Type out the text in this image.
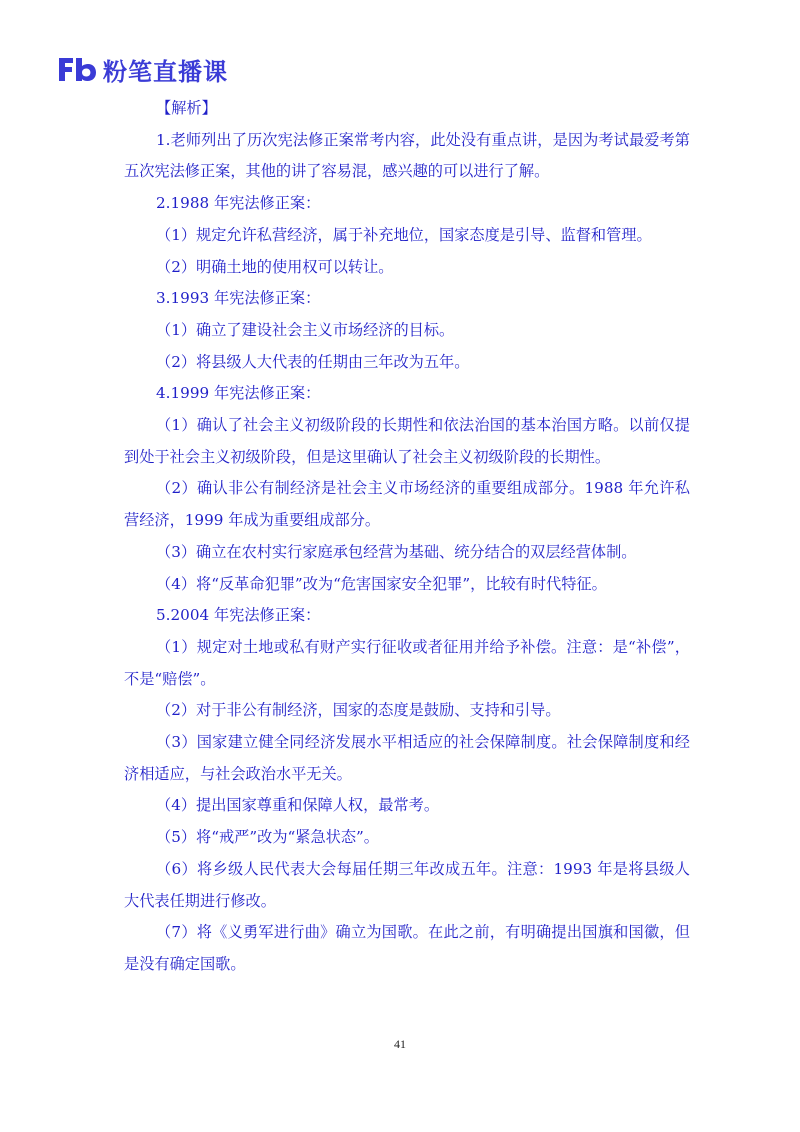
粉笔直播课

【解析】

1.老师列出了历次宪法修正案常考内容，此处没有重点讲，是因为考试最爱考第五次宪法修正案，其他的讲了容易混，感兴趣的可以进行了解。

2.1988 年宪法修正案：

（1）规定允许私营经济，属于补充地位，国家态度是引导、监督和管理。

（2）明确土地的使用权可以转让。

3.1993 年宪法修正案：

（1）确立了建设社会主义市场经济的目标。

（2）将县级人大代表的任期由三年改为五年。

4.1999 年宪法修正案：

（1）确认了社会主义初级阶段的长期性和依法治国的基本治国方略。以前仅提到处于社会主义初级阶段，但是这里确认了社会主义初级阶段的长期性。

（2）确认非公有制经济是社会主义市场经济的重要组成部分。1988 年允许私营经济，1999 年成为重要组成部分。

（3）确立在农村实行家庭承包经营为基础、统分结合的双层经营体制。

（4）将“反革命犯罪”改为“危害国家安全犯罪”，比较有时代特征。

5.2004 年宪法修正案：

（1）规定对土地或私有财产实行征收或者征用并给予补偿。注意：是“补偿”，不是“赔偿”。

（2）对于非公有制经济，国家的态度是鼓励、支持和引导。

（3）国家建立健全同经济发展水平相适应的社会保障制度。社会保障制度和经济相适应，与社会政治水平无关。

（4）提出国家尊重和保障人权，最常考。

（5）将“戒严”改为“紧急状态”。

（6）将乡级人民代表大会每届任期三年改成五年。注意：1993 年是将县级人大代表任期进行修改。

（7）将《义勇军进行曲》确立为国歌。在此之前，有明确提出国旗和国徽，但是没有确定国歌。

41
